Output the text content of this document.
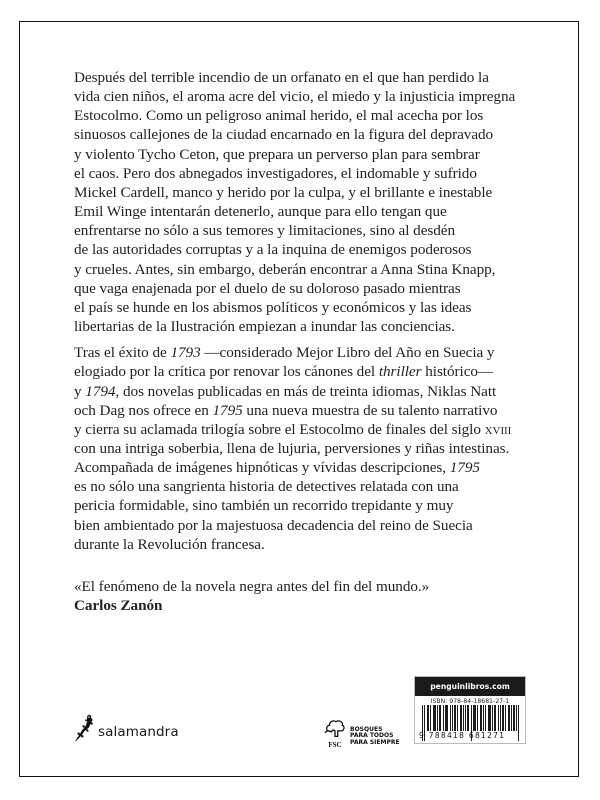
Después del terrible incendio de un orfanato en el que han perdido la
vida cien niños, el aroma acre del vicio, el miedo y la injusticia impregna
Estocolmo. Como un peligroso animal herido, el mal acecha por los
sinuosos callejones de la ciudad encarnado en la figura del depravado
y violento Tycho Ceton, que prepara un perverso plan para sembrar
el caos. Pero dos abnegados investigadores, el indomable y sufrido
Mickel Cardell, manco y herido por la culpa, y el brillante e inestable
Emil Winge intentarán detenerlo, aunque para ello tengan que
enfrentarse no sólo a sus temores y limitaciones, sino al desdén
de las autoridades corruptas y a la inquina de enemigos poderosos
y crueles. Antes, sin embargo, deberán encontrar a Anna Stina Knapp,
que vaga enajenada por el duelo de su doloroso pasado mientras
el país se hunde en los abismos políticos y económicos y las ideas
libertarias de la Ilustración empiezan a inundar las conciencias.

Tras el éxito de 1793 —considerado Mejor Libro del Año en Suecia y
elogiado por la crítica por renovar los cánones del thriller histórico—
y 1794, dos novelas publicadas en más de treinta idiomas, Niklas Natt
och Dag nos ofrece en 1795 una nueva muestra de su talento narrativo
y cierra su aclamada trilogía sobre el Estocolmo de finales del siglo xviii
con una intriga soberbia, llena de lujuria, perversiones y riñas intestinas.
Acompañada de imágenes hipnóticas y vívidas descripciones, 1795
es no sólo una sangrienta historia de detectives relatada con una
pericia formidable, sino también un recorrido trepidante y muy
bien ambientado por la majestuosa decadencia del reino de Suecia
durante la Revolución francesa.

«El fenómeno de la novela negra antes del fin del mundo.»
Carlos Zanón
salamandra
FSC
BOSQUES
PARA TODOS
PARA SIEMPRE
penguinlibros.com
ISBN: 978-84-18681-27-1
9 788418 681271
